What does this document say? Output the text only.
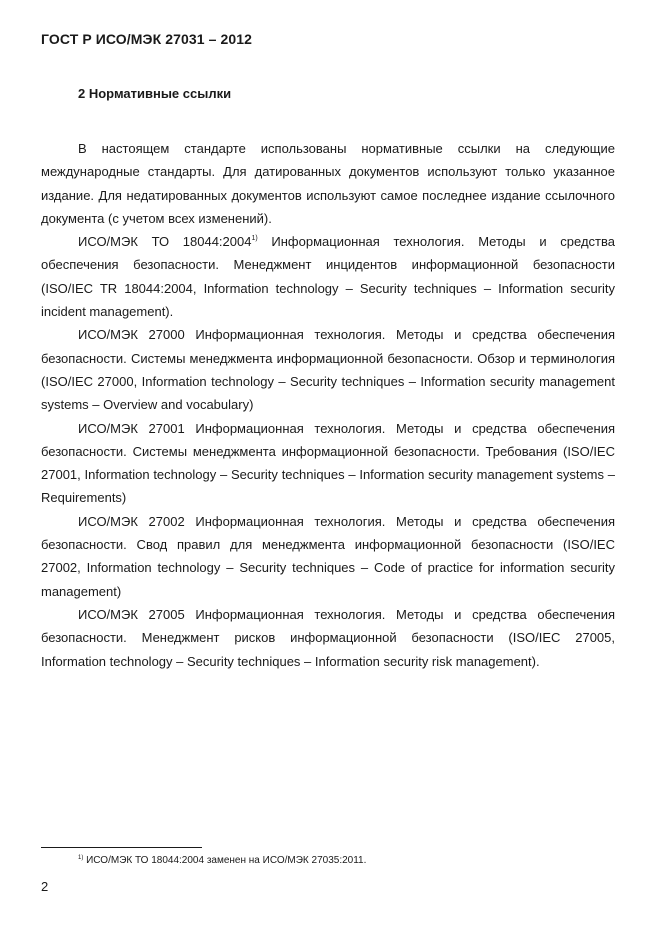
ГОСТ Р ИСО/МЭК 27031 – 2012
2 Нормативные ссылки

В настоящем стандарте использованы нормативные ссылки на следующие международные стандарты. Для датированных документов используют только указанное издание. Для недатированных документов используют самое последнее издание ссылочного документа (с учетом всех изменений).

ИСО/МЭК ТО 18044:2004$^{1)}$ Информационная технология. Методы и средства обеспечения безопасности. Менеджмент инцидентов информационной безопасности (ISO/IEC TR 18044:2004, Information technology – Security techniques – Information security incident management).

ИСО/МЭК 27000 Информационная технология. Методы и средства обеспечения безопасности. Системы менеджмента информационной безопасности. Обзор и терминология (ISO/IEC 27000, Information technology – Security techniques – Information security management systems – Overview and vocabulary)

ИСО/МЭК 27001 Информационная технология. Методы и средства обеспечения безопасности. Системы менеджмента информационной безопасности. Требования (ISO/IEC 27001, Information technology – Security techniques – Information security management systems – Requirements)

ИСО/МЭК 27002 Информационная технология. Методы и средства обеспечения безопасности. Свод правил для менеджмента информационной безопасности (ISO/IEC 27002, Information technology – Security techniques – Code of practice for information security management)

ИСО/МЭК 27005 Информационная технология. Методы и средства обеспечения безопасности. Менеджмент рисков информационной безопасности (ISO/IEC 27005, Information technology – Security techniques – Information security risk management).

$^{1)}$ ИСО/МЭК ТО 18044:2004 заменен на ИСО/МЭК 27035:2011.
2
